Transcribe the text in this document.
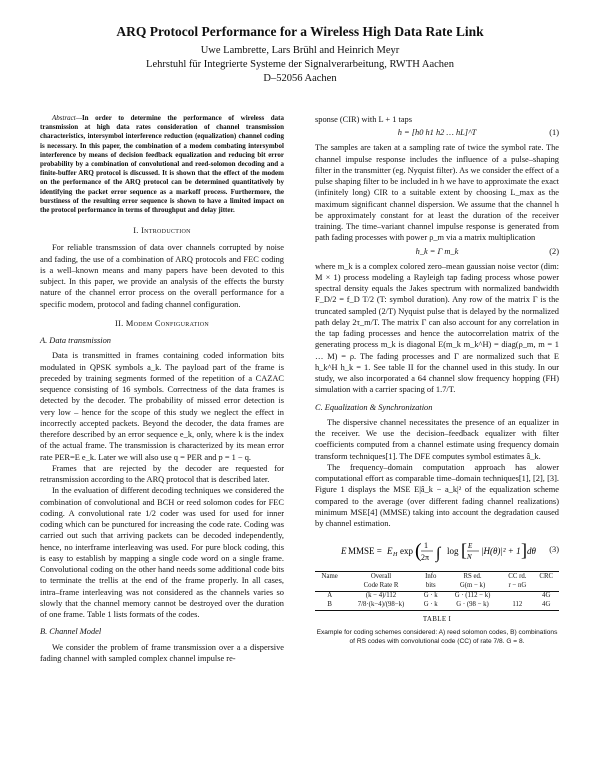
ARQ Protocol Performance for a Wireless High Data Rate Link
Uwe Lambrette, Lars Brühl and Heinrich Meyr
Lehrstuhl für Integrierte Systeme der Signalverarbeitung, RWTH Aachen
D–52056 Aachen

Abstract—In order to determine the performance of wireless data transmission at high data rates consideration of channel transmission characteristics, intersymbol interference reduction (equalization) channel coding is necessary. In this paper, the combination of a modem combating intersymbol interference by means of decision feedback equalization and reducing bit error probability by a combination of convolutional and reed-solomon decoding and a finite-buffer ARQ protocol is discussed. It is shown that the effect of the modem on the performance of the ARQ protocol can be determined quantitatively by identifying the packet error sequence as a markoff process. Furthermore, the burstiness of the resulting error sequence is shown to have a limited impact on the protocol performance in terms of throughput and delay jitter.

I. Introduction

For reliable transmssion of data over channels corrupted by noise and fading, the use of a combination of ARQ protocols and FEC coding is a well–known means and many papers have been devoted to this subject. In this paper, we provide an analysis of the effects the bursty nature of the channel error process on the overall performance for a specific modem, protocol and fading channel configuration.

II. Modem Configuration
A. Data transmission

Data is transmitted in frames containing coded information bits modulated in QPSK symbols a_k. The payload part of the frame is preceded by training segments formed of the repetition of a CAZAC sequence consisting of 16 symbols. Correctness of the data frames is detected by the decoder. The probability of missed error detection is very low – hence for the scope of this study we neglect the effect in incorrectly accepted packets. Beyond the decoder, the data frames are therefore described by an error sequence e_k, only, where k is the index of the actual frame. The transmission is characterized by its mean error rate PER=E e_k. Later we will also use q = PER and p = 1 − q.

Frames that are rejected by the decoder are requested for retransmission according to the ARQ protocol that is described later.

In the evaluation of different decoding techniques we considered the combination of convolutional and BCH or reed solomon codes for FEC coding. A convolutional rate 1/2 coder was used for used for inner coding which can be punctured for increasing the code rate. Coding was carried out such that arriving packets can be decoded independently, hence, no interframe interleaving was used. For pure block coding, this is easy to establish by mapping a single code word on a single frame. Convolutional coding on the other hand needs some additional code bits to terminate the trellis at the end of the frame properly. In all cases, intra–frame interleaving was not considered as the channels varies so slowly that the channel memory cannot be destroyed over the duration of one frame. Table 1 lists formats of the codes.

B. Channel Model

We consider the problem of frame transmission over a a dispersive fading channel with sampled complex channel impulse re-

sponse (CIR) with L + 1 taps

h = [h0 h1 h2 … hL]^T	(1)

The samples are taken at a sampling rate of twice the symbol rate. The channel impulse response includes the influence of a pulse–shaping filter in the transmitter (eg. Nyquist filter). As we consider the effect of a pulse shaping filter to be included in h we have to approximate the exact (infinitely long) CIR to a suitable extent by choosing L_max as the maximum significant channel dispersion. We assume that the channel h be approximately constant for at least the duration of the receiver training. The time–variant channel impulse response is generated from path fading processes with power ρ_m via a matrix multiplication

h_k = Γ m_k	(2)

where m_k is a complex colored zero–mean gaussian noise vector (dim: M × 1) process modeling a Rayleigh tap fading process whose power spectral density equals the Jakes spectrum with normalized bandwidth F_D/2 = f_D T/2 (T: symbol duration). Any row of the matrix Γ is the truncated sampled (2/T) Nyquist pulse that is delayed by the normalized path delay 2τ_m/T. The matrix Γ can also account for any correlation in the tap fading processes and hence the autocorrelation matrix of the generating process m_k is diagonal E(m_k m_k^H) = diag(ρ_m, m = 1 … M) = ρ. The fading processes and Γ are normalized such that E h_k^H h_k = 1. See table II for the channel used in this study. In our study, we also incorporated a 64 channel slow frequency hopping (FH) simulation with a carrier spacing of 1.7/T.

C. Equalization & Synchronization

The dispersive channel necessitates the presence of an equalizer in the receiver. We use the decision–feedback equalizer with filter coefficients computed from a channel estimate using frequency domain transform techniques[1]. The DFE computes symbol estimates â_k.

The frequency–domain computation approach has alower computational effort as comparable time–domain techniques[1], [2], [3]. Figure 1 displays the MSE E|â_k − a_k|² of the equalization scheme compared to the average (over different fading channel realizations) minimum MSE[4] (MMSE) taking into account the degradation caused by channel estimation.

E MMSE = E H exp ( 1
2π ∫ log [ E
N
|H(θ)|² + 1 ] dθ (3)
Name	Overall	Info	RS ed.	CC rd.	CRC
	Code Rate R	bits	G(m − k)	r − nG	
A	(k − 4)/112	G · k	G · (112 − k)		4G
B	7/8·(k−4)/(98−k)	G · k	G · (98 − k)	112	4G
TABLE I
Example for coding schemes considered: A) reed solomon codes, B) combinations of RS codes with convolutional code (CC) of rate 7/8. G = 8.
